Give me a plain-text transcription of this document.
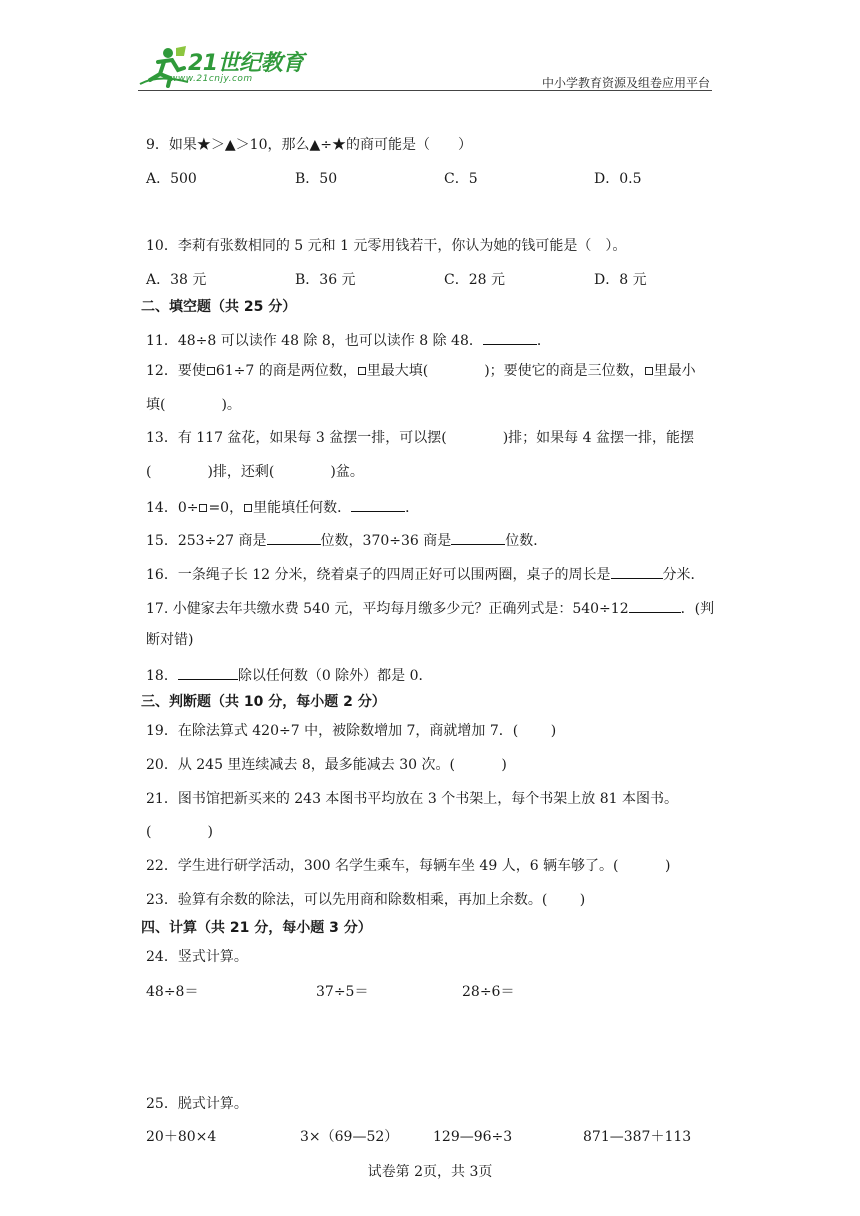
21世纪教育
www.21cnjy.com	中小学教育资源及组卷应用平台
9．如果★＞▲＞10，那么▲÷★的商可能是（　　）
A．500	B．50	C．5	D．0.5
10．李莉有张数相同的 5 元和 1 元零用钱若干，你认为她的钱可能是（　）。
A．38 元	B．36 元	C．28 元	D．8 元
二、填空题（共 25 分）
11．48÷8 可以读作 48 除 8，也可以读作 8 除 48．	．
12．要使 61÷7 的商是两位数， 里最大填(　　　　)；要使它的商是三位数， 里最小
填(　　　　)。
13．有 117 盆花，如果每 3 盆摆一排，可以摆(　　　　)排；如果每 4 盆摆一排，能摆
(　　　　)排，还剩(　　　　)盆。
14．0÷ =0， 里能填任何数．	．
15．253÷27 商是	位数，370÷36 商是	位数．
16．一条绳子长 12 分米，绕着桌子的四周正好可以围两圈，桌子的周长是	分米．
17. 小健家去年共缴水费 540 元，平均每月缴多少元？正确列式是：540÷12	．(判
断对错)
18．	除以任何数（0 除外）都是 0．
三、判断题（共 10 分，每小题 2 分）
19．在除法算式 420÷7 中，被除数增加 7，商就增加 7．(　　 )
20．从 245 里连续减去 8，最多能减去 30 次。(　　　 )
21．图书馆把新买来的 243 本图书平均放在 3 个书架上，每个书架上放 81 本图书。
(　　　　)
22．学生进行研学活动，300 名学生乘车，每辆车坐 49 人，6 辆车够了。(　　　 )
23．验算有余数的除法，可以先用商和除数相乘，再加上余数。(　　 )
四、计算（共 21 分，每小题 3 分）
24．竖式计算。
48÷8＝	37÷5＝	28÷6＝
25．脱式计算。
20＋80×4	3×（69—52） 129—96÷3	871—387＋113
试卷第 2页，共 3页
